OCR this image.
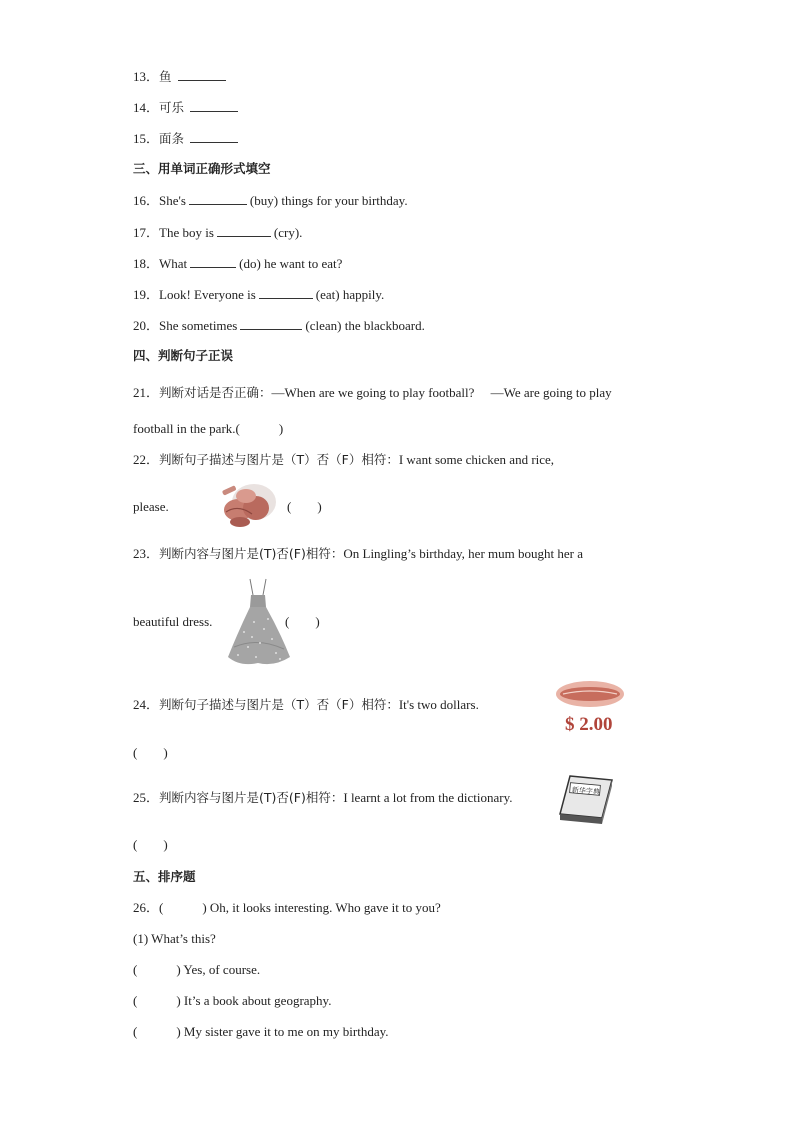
13．鱼
14．可乐
15．面条
三、用单词正确形式填空
16．She's	(buy) things for your birthday.
17．The boy is	(cry).
18．What	(do) he want to eat?
19．Look! Everyone is	(eat) happily.
20．She sometimes	(clean) the blackboard.
四、判断句子正误
21．判断对话是否正确：—When are we going to play football?　 —We are going to play
football in the park.(　　　)
22．判断句子描述与图片是（T）否（F）相符：I want some chicken and rice,
please.	(　　)
23．判断内容与图片是(T)否(F)相符：On Lingling’s birthday, her mum bought her a
beautiful dress.	(　　)
24．判断句子描述与图片是（T）否（F）相符：It's two dollars.
$ 2.00
(　　)
25．判断内容与图片是(T)否(F)相符：I learnt a lot from the dictionary.	新华字典
(　　)
五、排序题
26．(　　　) Oh, it looks interesting. Who gave it to you?
(1) What’s this?
(　　　) Yes, of course.
(　　　) It’s a book about geography.
(　　　) My sister gave it to me on my birthday.
